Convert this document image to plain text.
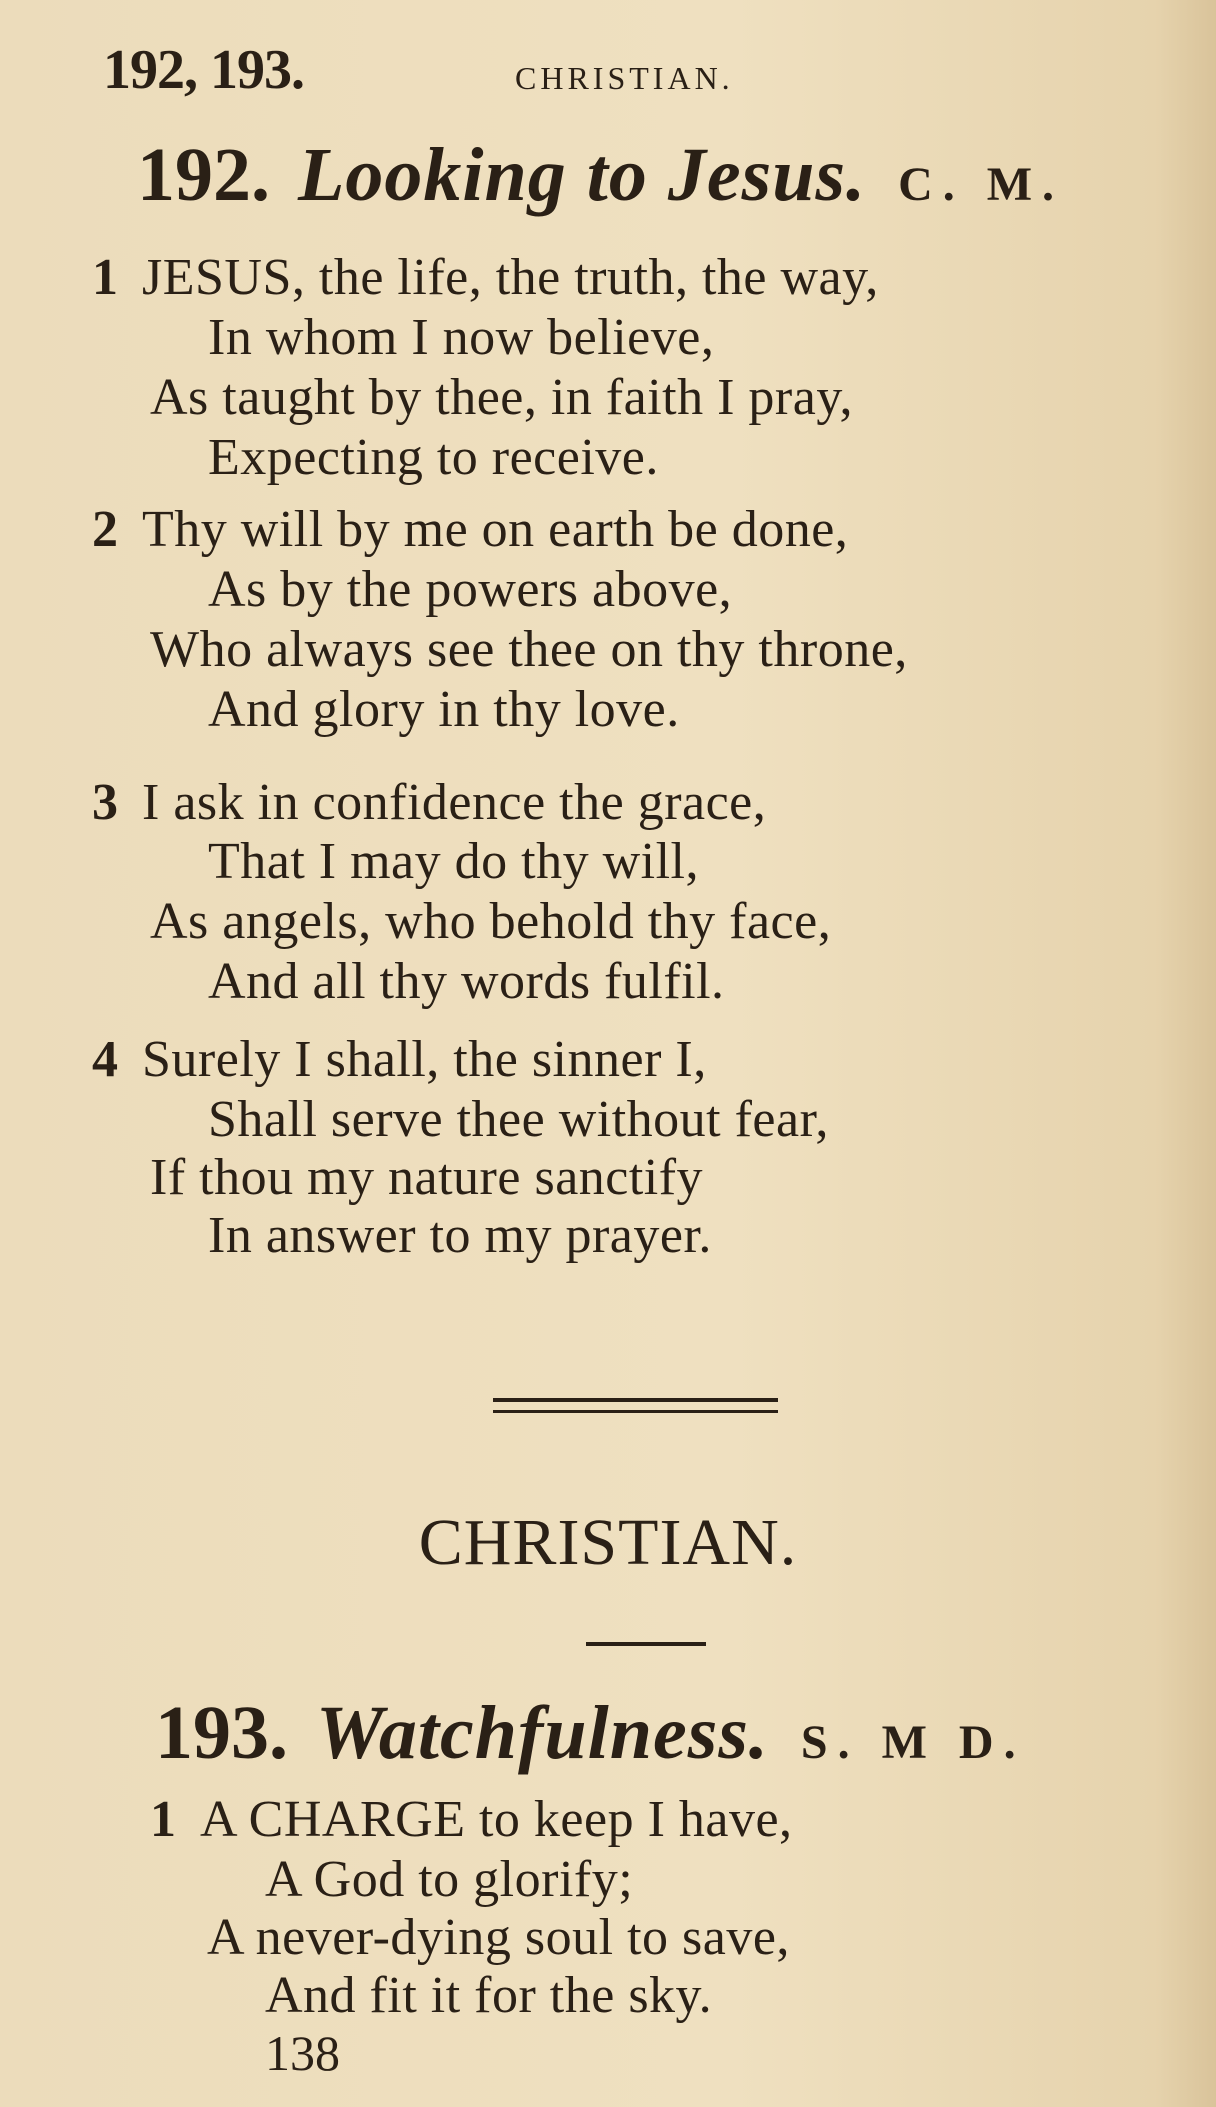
192, 193.	CHRISTIAN.
192. Looking to Jesus. C. M.
1 JESUS, the life, the truth, the way,
In whom I now believe,
As taught by thee, in faith I pray,
Expecting to receive.
2 Thy will by me on earth be done,
As by the powers above,
Who always see thee on thy throne,
And glory in thy love.
3 I ask in confidence the grace,
That I may do thy will,
As angels, who behold thy face,
And all thy words fulfil.
4 Surely I shall, the sinner I,
Shall serve thee without fear,
If thou my nature sanctify
In answer to my prayer.
CHRISTIAN.
193. Watchfulness. S. M D.
1 A CHARGE to keep I have,
A God to glorify;
A never-dying soul to save,
And fit it for the sky.
138
